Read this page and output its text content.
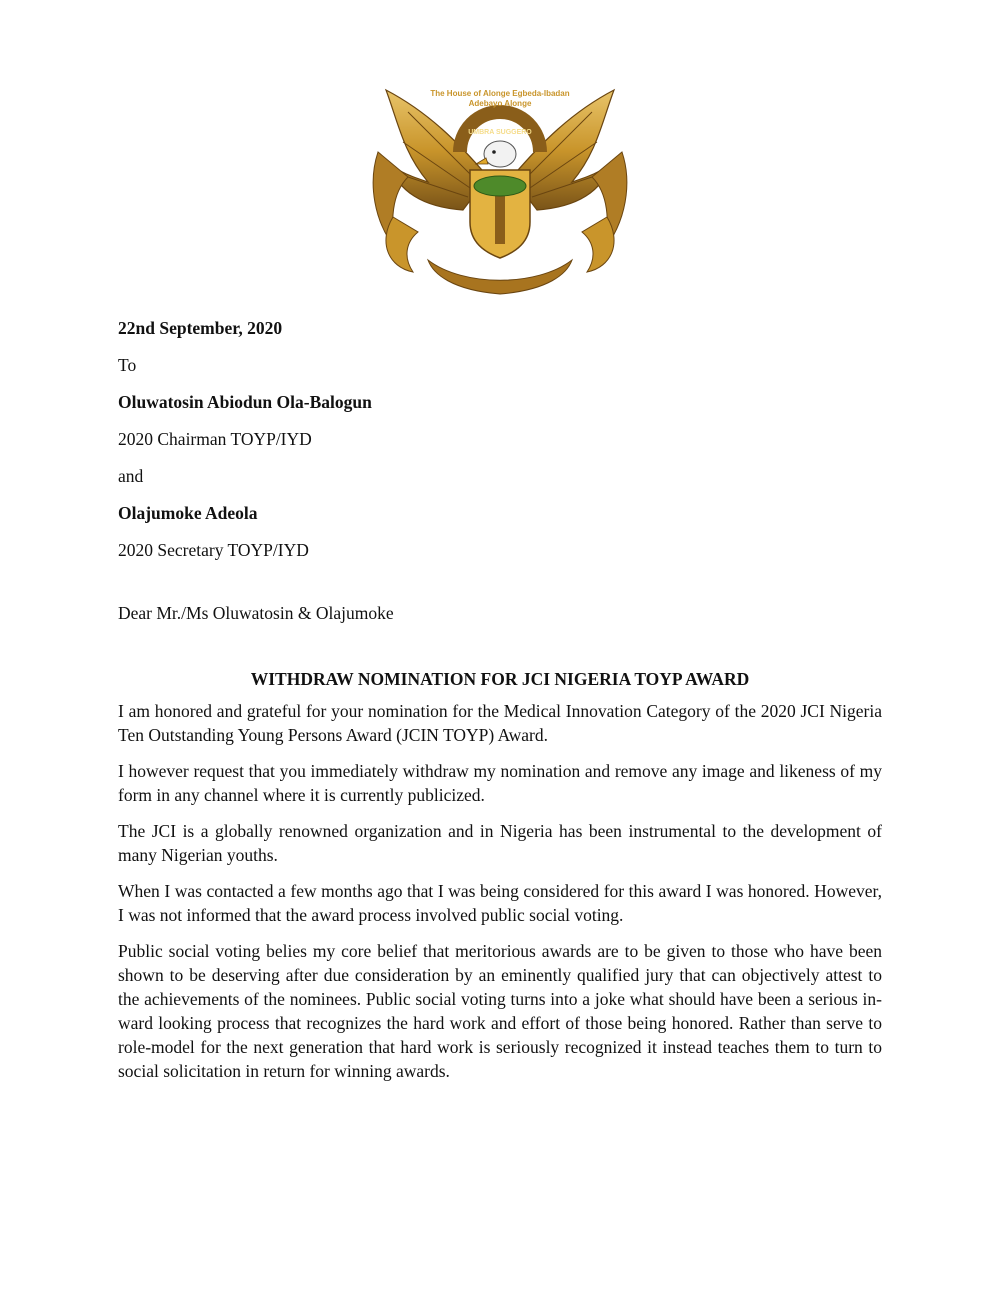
The House of Alonge Egbeda-Ibadan
Adebayo Alonge
UMBRA SUGGERO
22nd September, 2020
To
Oluwatosin Abiodun Ola-Balogun
2020 Chairman TOYP/IYD
and
Olajumoke Adeola
2020 Secretary TOYP/IYD
Dear Mr./Ms Oluwatosin & Olajumoke
WITHDRAW NOMINATION FOR JCI NIGERIA TOYP AWARD

I am honored and grateful for your nomination for the Medical Innovation Category of the 2020 JCI Nigeria Ten Outstanding Young Persons Award (JCIN TOYP) Award.

I however request that you immediately withdraw my nomination and remove any image and likeness of my form in any channel where it is currently publicized.

The JCI is a globally renowned organization and in Nigeria has been instrumental to the development of many Nigerian youths.

When I was contacted a few months ago that I was being considered for this award I was honored. However, I was not informed that the award process involved public social voting.

Public social voting belies my core belief that meritorious awards are to be given to those who have been shown to be deserving after due consideration by an eminently qualified jury that can objectively attest to the achievements of the nominees. Public social voting turns into a joke what should have been a serious in-ward looking process that recognizes the hard work and effort of those being honored. Rather than serve to role-model for the next generation that hard work is seriously recognized it instead teaches them to turn to social solicitation in return for winning awards.
